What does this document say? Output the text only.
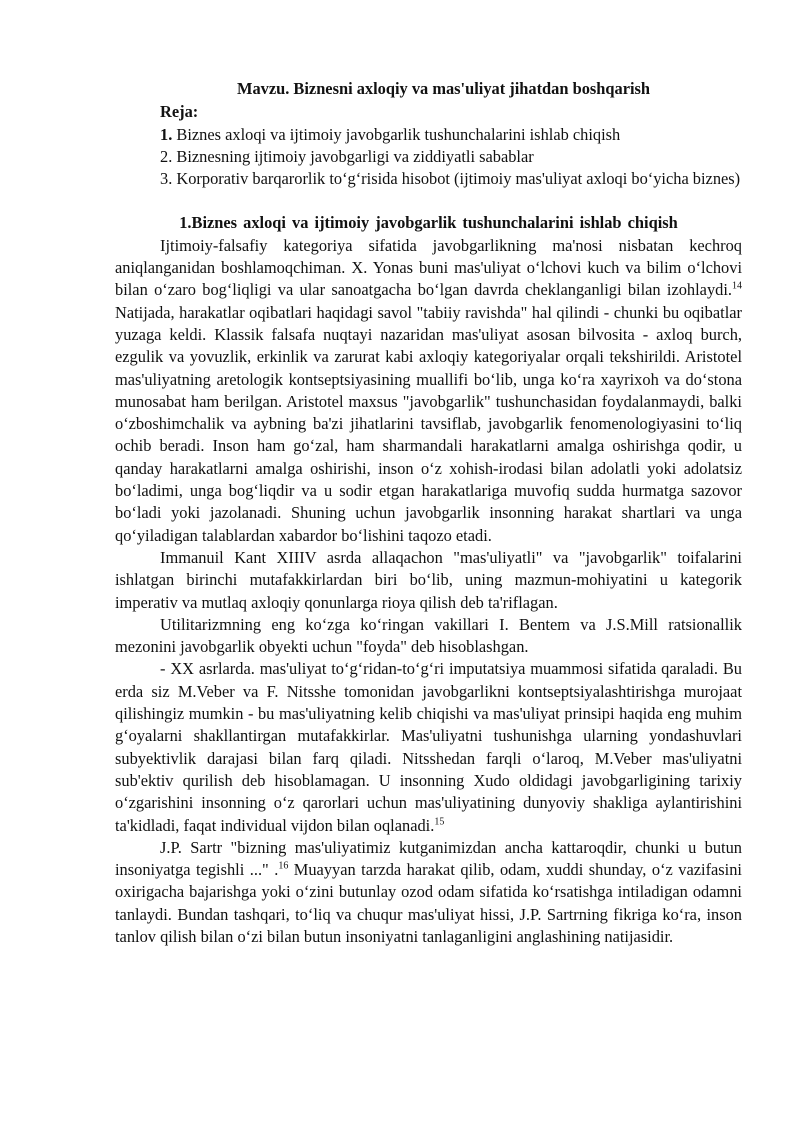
Mavzu. Biznesni axloqiy va mas'uliyat jihatdan boshqarish

Reja:

1. Biznes axloqi va ijtimoiy javobgarlik tushunchalarini ishlab chiqish
2. Biznesning ijtimoiy javobgarligi va ziddiyatli sabablar
3. Korporativ barqarorlik to‘g‘risida hisobot (ijtimoiy mas'uliyat axloqi bo‘yicha biznes)

1.Biznes axloqi va ijtimoiy javobgarlik tushunchalarini ishlab chiqish

Ijtimoiy-falsafiy kategoriya sifatida javobgarlikning ma'nosi nisbatan kechroq aniqlanganidan boshlamoqchiman. X. Yonas buni mas'uliyat o‘lchovi kuch va bilim o‘lchovi bilan o‘zaro bog‘liqligi va ular sanoatgacha bo‘lgan davrda cheklanganligi bilan izohlaydi.$^{14}$ Natijada, harakatlar oqibatlari haqidagi savol "tabiiy ravishda" hal qilindi - chunki bu oqibatlar yuzaga keldi. Klassik falsafa nuqtayi nazaridan mas'uliyat asosan bilvosita - axloq burch, ezgulik va yovuzlik, erkinlik va zarurat kabi axloqiy kategoriyalar orqali tekshirildi. Aristotel mas'uliyatning aretologik kontseptsiyasining muallifi bo‘lib, unga ko‘ra xayrixoh va do‘stona munosabat ham berilgan. Aristotel maxsus "javobgarlik" tushunchasidan foydalanmaydi, balki o‘zboshimchalik va aybning ba'zi jihatlarini tavsiflab, javobgarlik fenomenologiyasini to‘liq ochib beradi. Inson ham go‘zal, ham sharmandali harakatlarni amalga oshirishga qodir, u qanday harakatlarni amalga oshirishi, inson o‘z xohish-irodasi bilan adolatli yoki adolatsiz bo‘ladimi, unga bog‘liqdir va u sodir etgan harakatlariga muvofiq sudda hurmatga sazovor bo‘ladi yoki jazolanadi. Shuning uchun javobgarlik insonning harakat shartlari va unga qo‘yiladigan talablardan xabardor bo‘lishini taqozo etadi.

Immanuil Kant XIIIV asrda allaqachon "mas'uliyatli" va "javobgarlik" toifalarini ishlatgan birinchi mutafakkirlardan biri bo‘lib, uning mazmun-mohiyatini u kategorik imperativ va mutlaq axloqiy qonunlarga rioya qilish deb ta'riflagan.

Utilitarizmning eng ko‘zga ko‘ringan vakillari I. Bentem va J.S.Mill ratsionallik mezonini javobgarlik obyekti uchun "foyda" deb hisoblashgan.

- XX asrlarda. mas'uliyat to‘g‘ridan-to‘g‘ri imputatsiya muammosi sifatida qaraladi. Bu erda siz M.Veber va F. Nitsshe tomonidan javobgarlikni kontseptsiyalashtirishga murojaat qilishingiz mumkin - bu mas'uliyatning kelib chiqishi va mas'uliyat prinsipi haqida eng muhim g‘oyalarni shakllantirgan mutafakkirlar. Mas'uliyatni tushunishga ularning yondashuvlari subyektivlik darajasi bilan farq qiladi. Nitsshedan farqli o‘laroq, M.Veber mas'uliyatni sub'ektiv qurilish deb hisoblamagan. U insonning Xudo oldidagi javobgarligining tarixiy o‘zgarishini insonning o‘z qarorlari uchun mas'uliyatining dunyoviy shakliga aylantirishini ta'kidladi, faqat individual vijdon bilan oqlanadi.$^{15}$

J.P. Sartr "bizning mas'uliyatimiz kutganimizdan ancha kattaroqdir, chunki u butun insoniyatga tegishli ..." .$^{16}$ Muayyan tarzda harakat qilib, odam, xuddi shunday, o‘z vazifasini oxirigacha bajarishga yoki o‘zini butunlay ozod odam sifatida ko‘rsatishga intiladigan odamni tanlaydi. Bundan tashqari, to‘liq va chuqur mas'uliyat hissi, J.P. Sartrning fikriga ko‘ra, inson tanlov qilish bilan o‘zi bilan butun insoniyatni tanlaganligini anglashining natijasidir.
